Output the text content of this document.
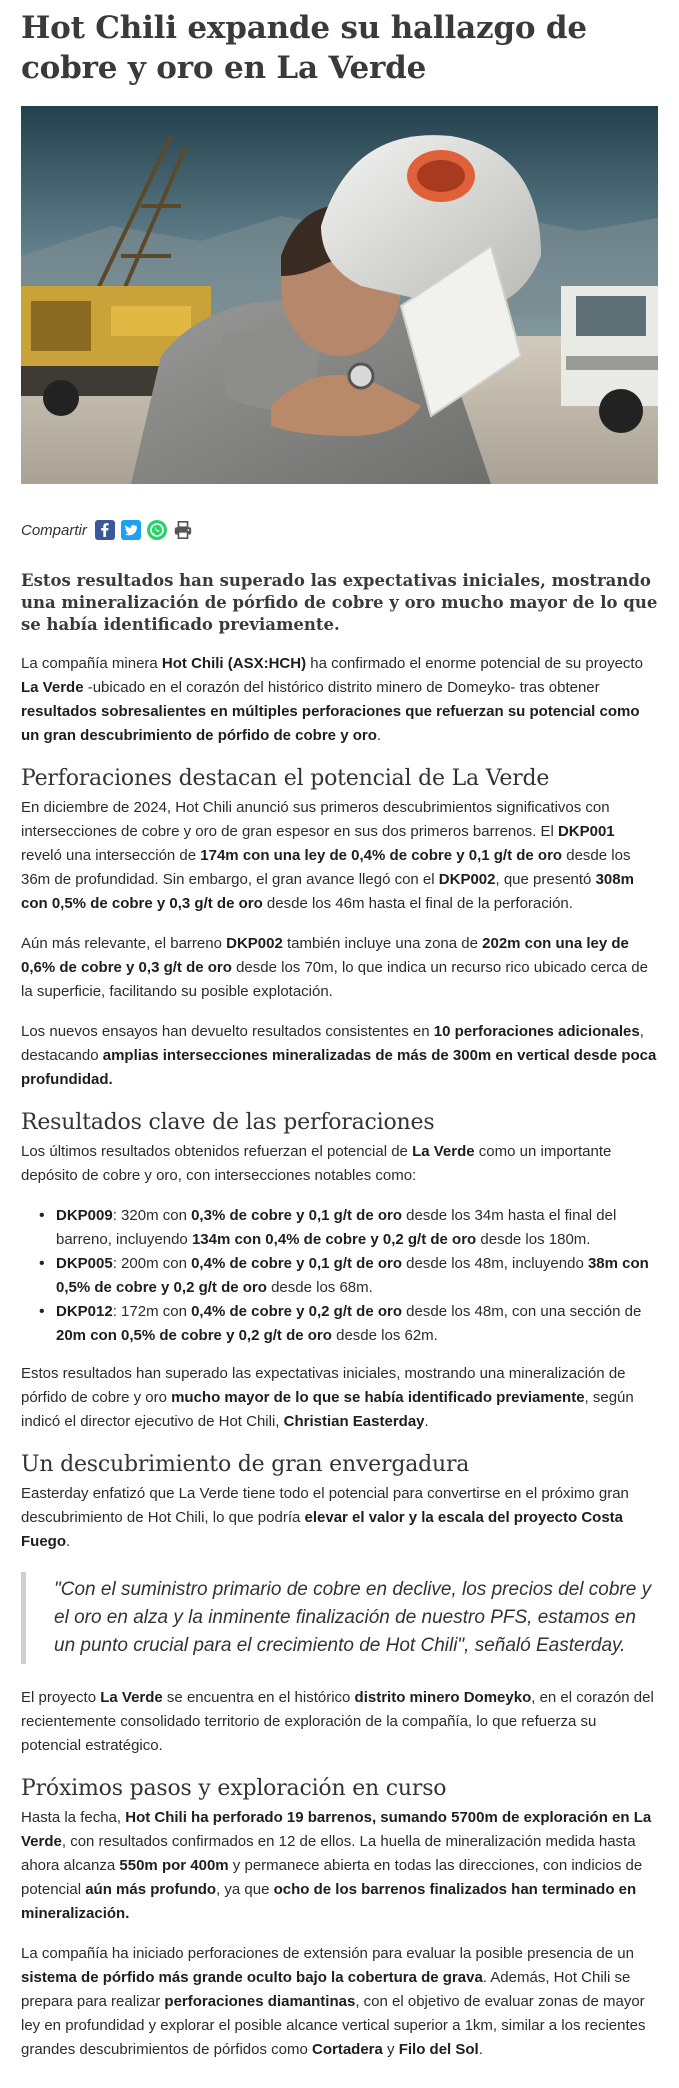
Hot Chili expande su hallazgo de cobre y oro en La Verde
Compartir
Estos resultados han superado las expectativas iniciales, mostrando una mineralización de pórfido de cobre y oro mucho mayor de lo que se había identificado previamente.

La compañía minera Hot Chili (ASX:HCH) ha confirmado el enorme potencial de su proyecto La Verde -ubicado en el corazón del histórico distrito minero de Domeyko- tras obtener resultados sobresalientes en múltiples perforaciones que refuerzan su potencial como un gran descubrimiento de pórfido de cobre y oro.

Perforaciones destacan el potencial de La Verde

En diciembre de 2024, Hot Chili anunció sus primeros descubrimientos significativos con intersecciones de cobre y oro de gran espesor en sus dos primeros barrenos. El DKP001 reveló una intersección de 174m con una ley de 0,4% de cobre y 0,1 g/t de oro desde los 36m de profundidad. Sin embargo, el gran avance llegó con el DKP002, que presentó 308m con 0,5% de cobre y 0,3 g/t de oro desde los 46m hasta el final de la perforación.

Aún más relevante, el barreno DKP002 también incluye una zona de 202m con una ley de 0,6% de cobre y 0,3 g/t de oro desde los 70m, lo que indica un recurso rico ubicado cerca de la superficie, facilitando su posible explotación.

Los nuevos ensayos han devuelto resultados consistentes en 10 perforaciones adicionales, destacando amplias intersecciones mineralizadas de más de 300m en vertical desde poca profundidad.

Resultados clave de las perforaciones

Los últimos resultados obtenidos refuerzan el potencial de La Verde como un importante depósito de cobre y oro, con intersecciones notables como:

• DKP009: 320m con 0,3% de cobre y 0,1 g/t de oro desde los 34m hasta el final del barreno, incluyendo 134m con 0,4% de cobre y 0,2 g/t de oro desde los 180m.
• DKP005: 200m con 0,4% de cobre y 0,1 g/t de oro desde los 48m, incluyendo 38m con 0,5% de cobre y 0,2 g/t de oro desde los 68m.
• DKP012: 172m con 0,4% de cobre y 0,2 g/t de oro desde los 48m, con una sección de 20m con 0,5% de cobre y 0,2 g/t de oro desde los 62m.

Estos resultados han superado las expectativas iniciales, mostrando una mineralización de pórfido de cobre y oro mucho mayor de lo que se había identificado previamente, según indicó el director ejecutivo de Hot Chili, Christian Easterday.

Un descubrimiento de gran envergadura

Easterday enfatizó que La Verde tiene todo el potencial para convertirse en el próximo gran descubrimiento de Hot Chili, lo que podría elevar el valor y la escala del proyecto Costa Fuego.

"Con el suministro primario de cobre en declive, los precios del cobre y el oro en alza y la inminente finalización de nuestro PFS, estamos en un punto crucial para el crecimiento de Hot Chili", señaló Easterday.

El proyecto La Verde se encuentra en el histórico distrito minero Domeyko, en el corazón del recientemente consolidado territorio de exploración de la compañía, lo que refuerza su potencial estratégico.

Próximos pasos y exploración en curso

Hasta la fecha, Hot Chili ha perforado 19 barrenos, sumando 5700m de exploración en La Verde, con resultados confirmados en 12 de ellos. La huella de mineralización medida hasta ahora alcanza 550m por 400m y permanece abierta en todas las direcciones, con indicios de potencial aún más profundo, ya que ocho de los barrenos finalizados han terminado en mineralización.

La compañía ha iniciado perforaciones de extensión para evaluar la posible presencia de un sistema de pórfido más grande oculto bajo la cobertura de grava. Además, Hot Chili se prepara para realizar perforaciones diamantinas, con el objetivo de evaluar zonas de mayor ley en profundidad y explorar el posible alcance vertical superior a 1km, similar a los recientes grandes descubrimientos de pórfidos como Cortadera y Filo del Sol.
